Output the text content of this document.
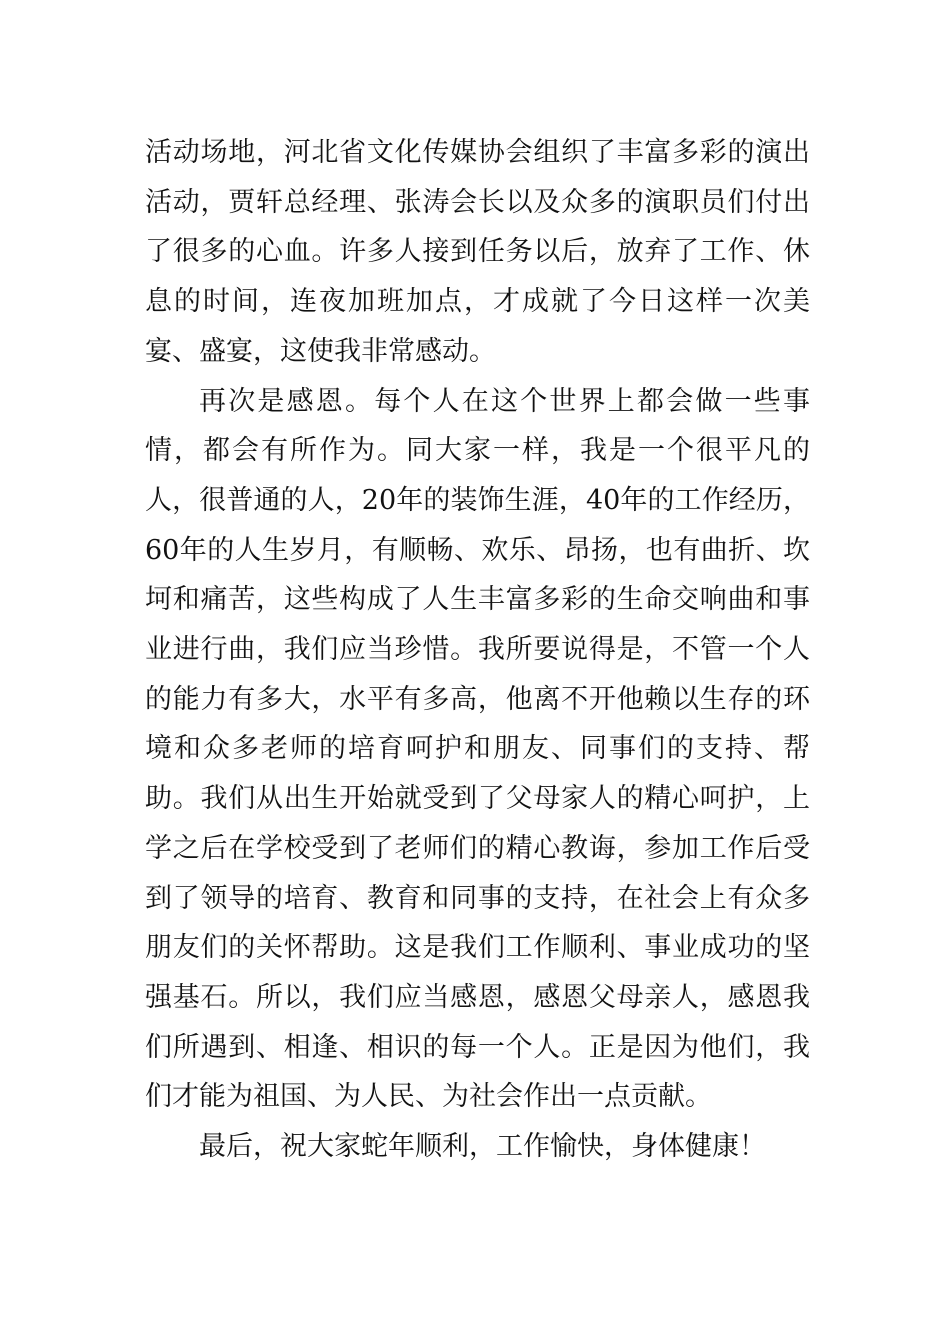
活动场地，河北省文化传媒协会组织了丰富多彩的演出活动，贾轩总经理、张涛会长以及众多的演职员们付出了很多的心血。许多人接到任务以后，放弃了工作、休息的时间，连夜加班加点，才成就了今日这样一次美宴、盛宴，这使我非常感动。

再次是感恩。每个人在这个世界上都会做一些事情，都会有所作为。同大家一样，我是一个很平凡的人，很普通的人，20年的装饰生涯，40年的工作经历，60年的人生岁月，有顺畅、欢乐、昂扬，也有曲折、坎坷和痛苦，这些构成了人生丰富多彩的生命交响曲和事业进行曲，我们应当珍惜。我所要说得是，不管一个人的能力有多大，水平有多高，他离不开他赖以生存的环境和众多老师的培育呵护和朋友、同事们的支持、帮助。我们从出生开始就受到了父母家人的精心呵护，上学之后在学校受到了老师们的精心教诲，参加工作后受到了领导的培育、教育和同事的支持，在社会上有众多朋友们的关怀帮助。这是我们工作顺利、事业成功的坚强基石。所以，我们应当感恩，感恩父母亲人，感恩我们所遇到、相逢、相识的每一个人。正是因为他们，我们才能为祖国、为人民、为社会作出一点贡献。

最后，祝大家蛇年顺利，工作愉快，身体健康！
